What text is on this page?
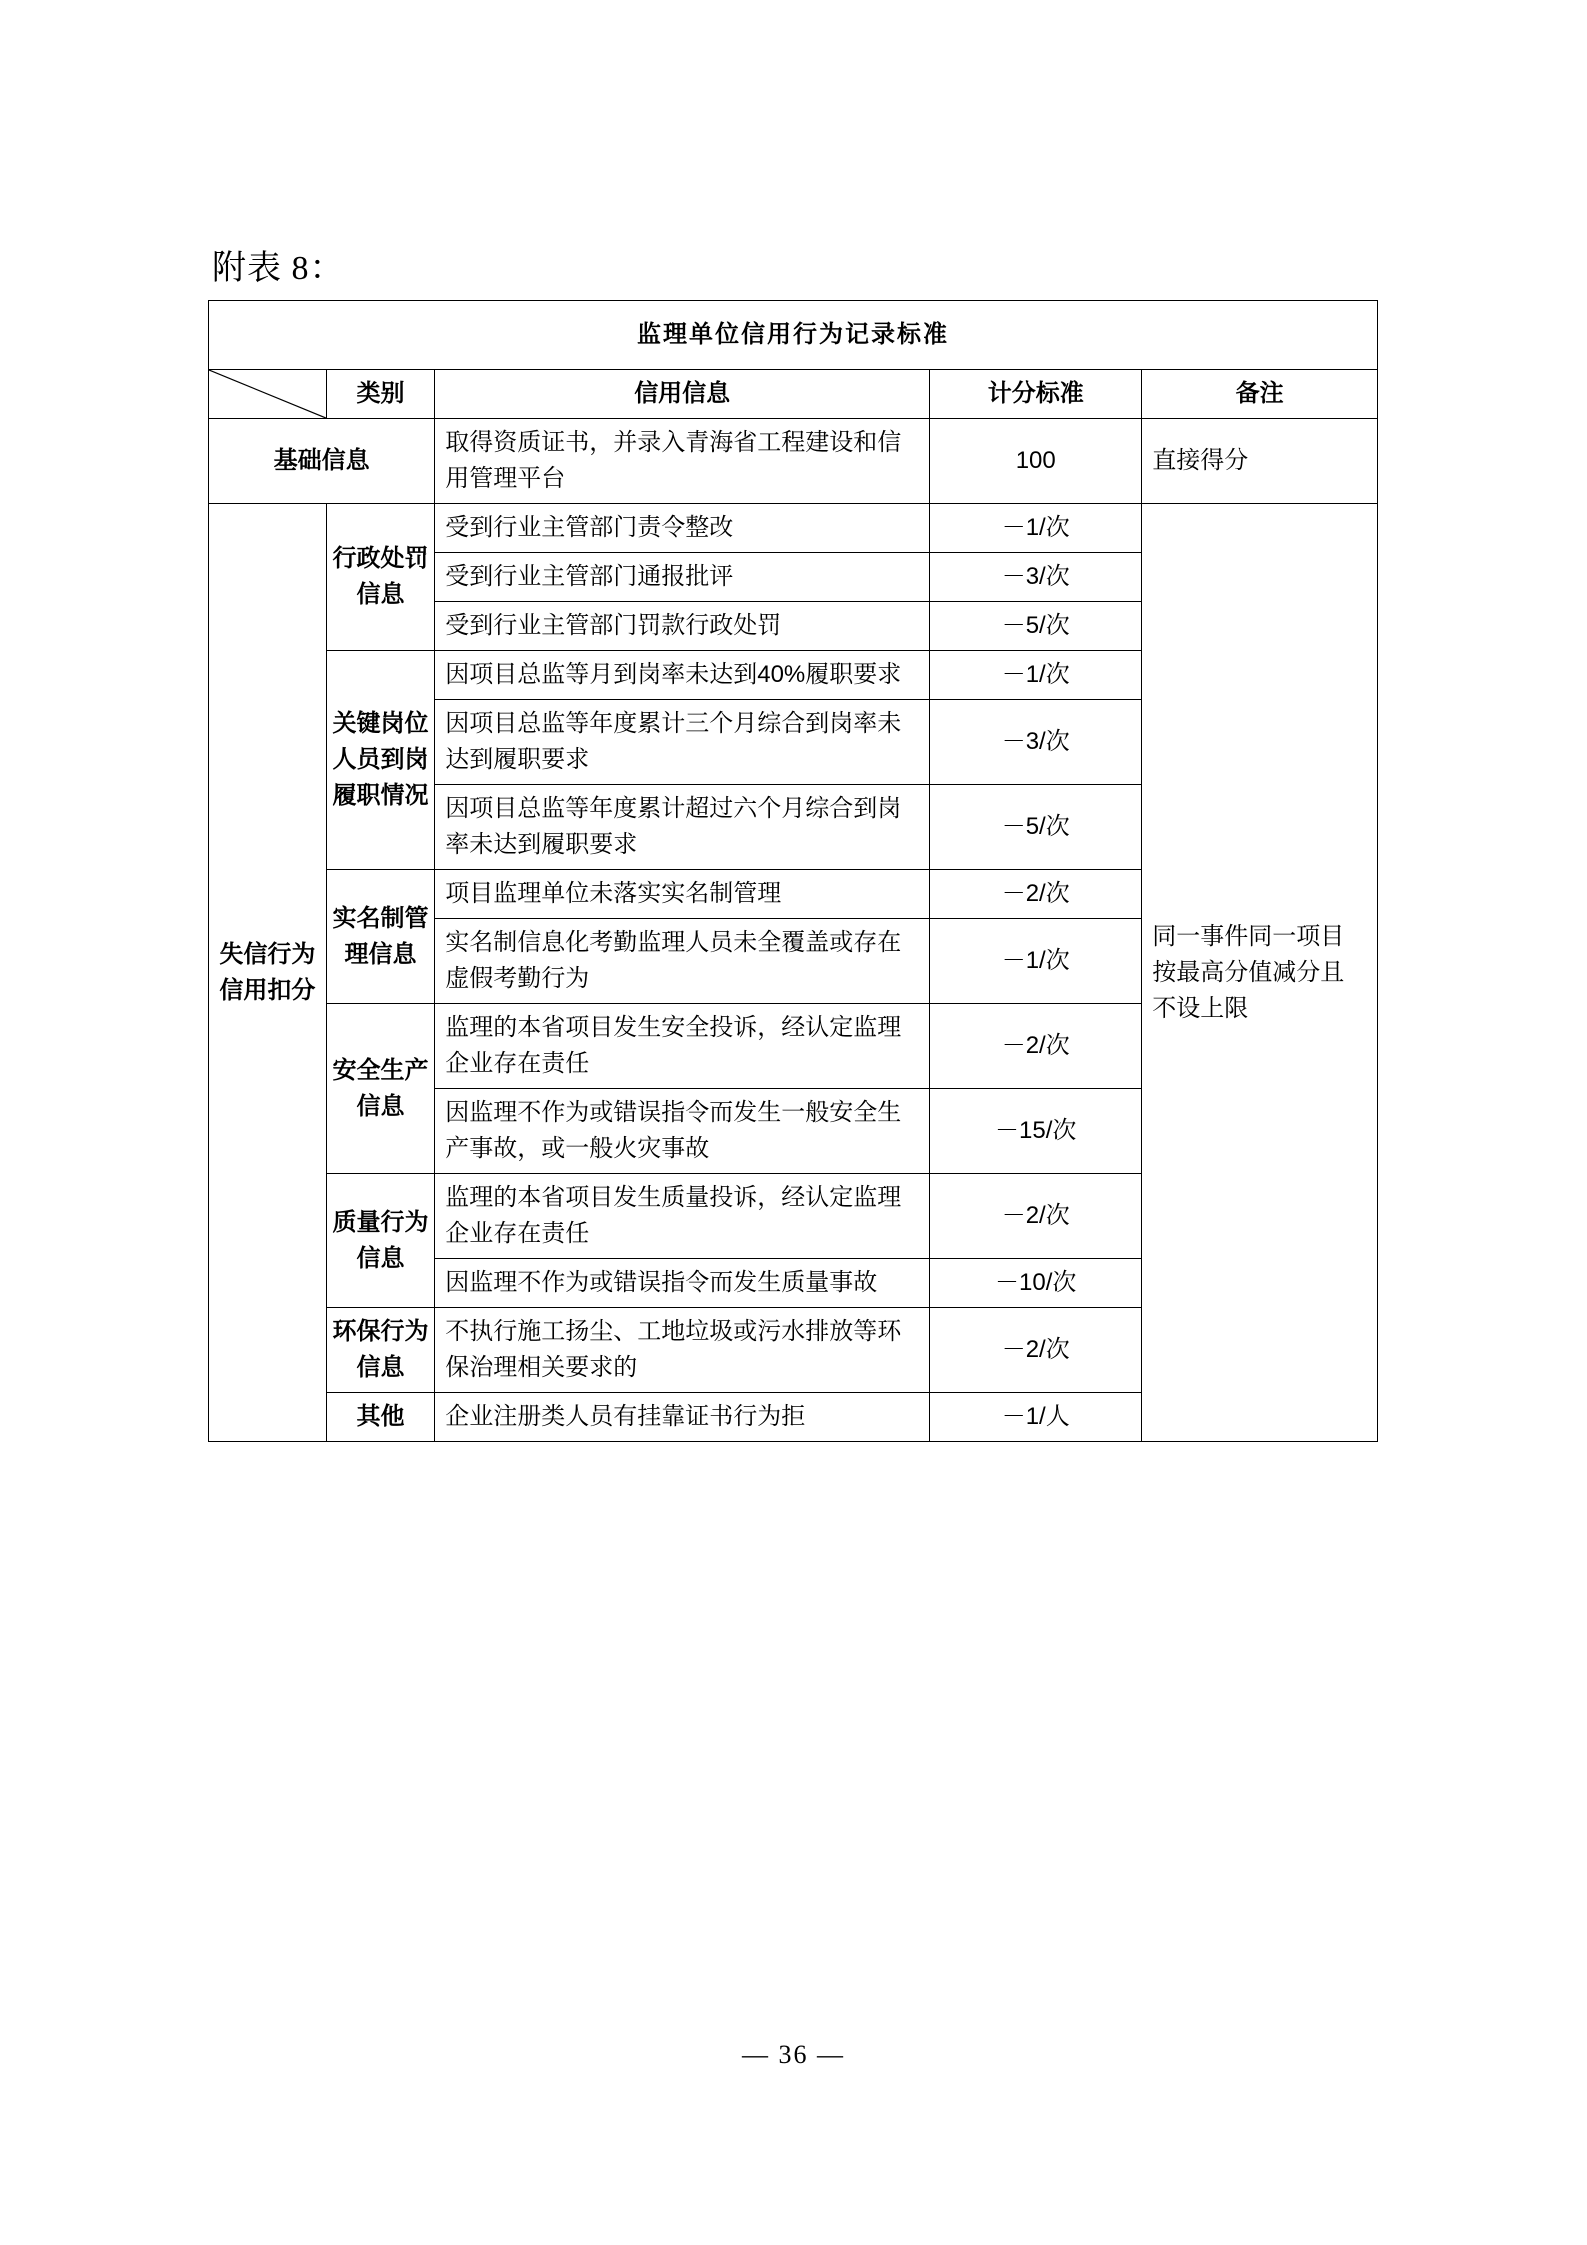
附表 8：
监理单位信用行为记录标准				

	类别	信用信息	计分标准	备注
基础信息		取得资质证书，并录入青海省工程建设和信用管理平台	100	直接得分
失信行为信用扣分	行政处罚信息	受到行业主管部门责令整改	－1/次	同一事件同一项目按最高分值减分且不设上限
		受到行业主管部门通报批评	－3/次	
		受到行业主管部门罚款行政处罚	－5/次	
	关键岗位人员到岗履职情况	因项目总监等月到岗率未达到40%履职要求	－1/次	
		因项目总监等年度累计三个月综合到岗率未达到履职要求	－3/次	
		因项目总监等年度累计超过六个月综合到岗率未达到履职要求	－5/次	
	实名制管理信息	项目监理单位未落实实名制管理	－2/次	
		实名制信息化考勤监理人员未全覆盖或存在虚假考勤行为	－1/次	
	安全生产信息	监理的本省项目发生安全投诉，经认定监理企业存在责任	－2/次	
		因监理不作为或错误指令而发生一般安全生产事故，或一般火灾事故	－15/次	
	质量行为信息	监理的本省项目发生质量投诉，经认定监理企业存在责任	－2/次	
		因监理不作为或错误指令而发生质量事故	－10/次	
	环保行为信息	不执行施工扬尘、工地垃圾或污水排放等环保治理相关要求的	－2/次	
	其他	企业注册类人员有挂靠证书行为拒	－1/人	
— 36 —
